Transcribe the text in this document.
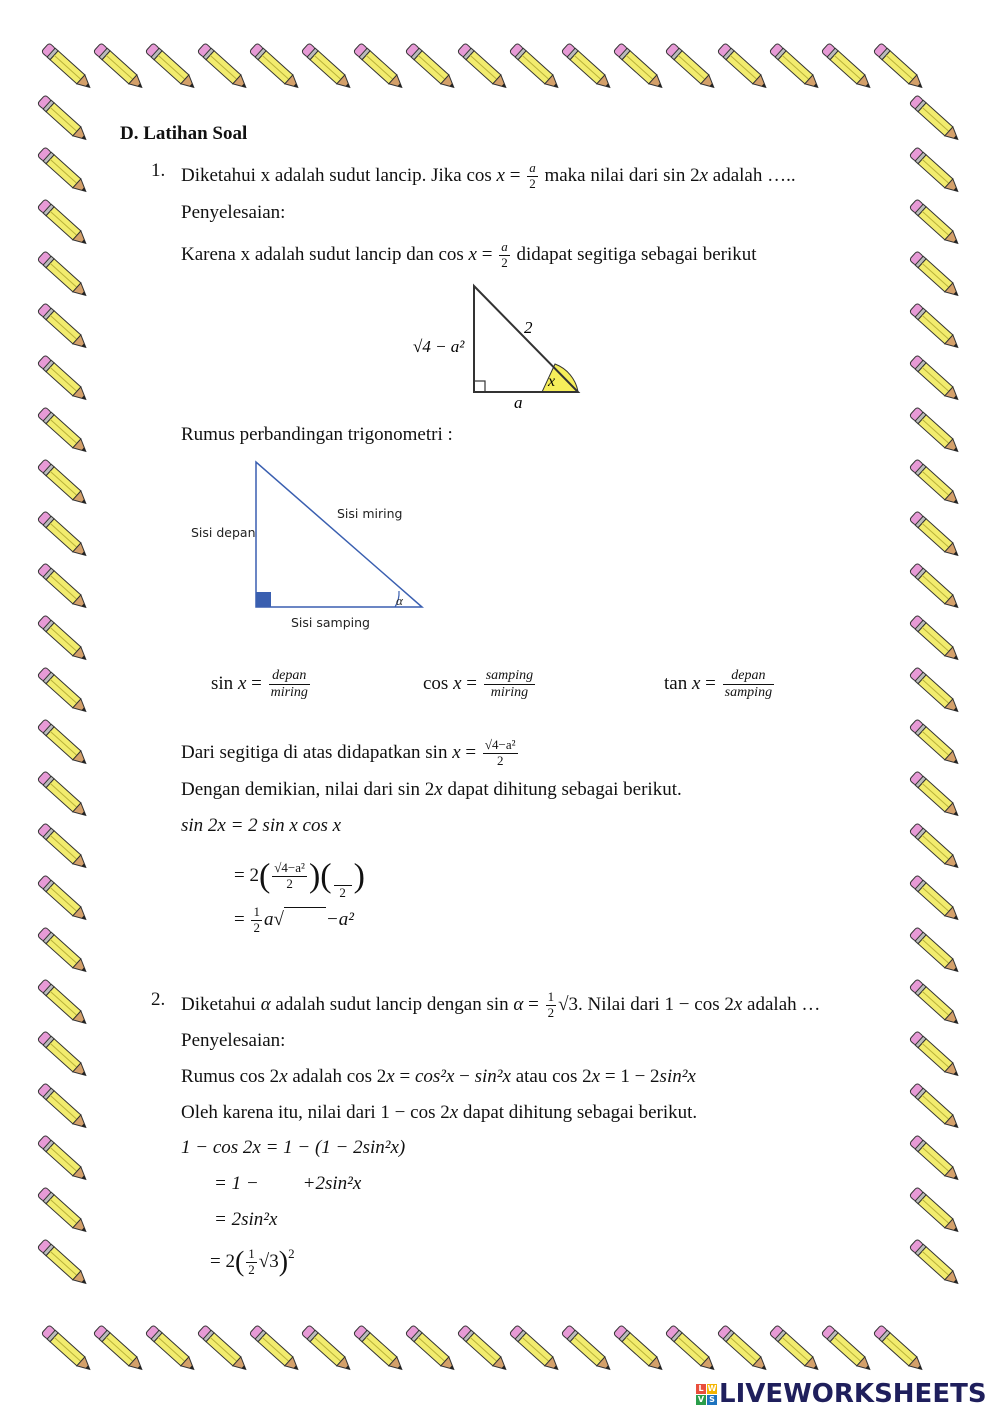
D. Latihan Soal
1. Diketahui x adalah sudut lancip. Jika $\cos x = \frac{a}{2}$ maka nilai dari sin 2x adalah …..
Penyelesaian:
Karena x adalah sudut lancip dan $\cos x = \frac{a}{2}$ didapat segitiga sebagai berikut
√4 − a²
2
a
x
Rumus perbandingan trigonometri :
Sisi depan
Sisi miring
Sisi samping
α
$\sin x = \frac{\text{depan}}{\text{miring}}$	$\cos x = \frac{\text{samping}}{\text{miring}}$	$\tan x = \frac{\text{depan}}{\text{samping}}$
Dari segitiga di atas didapatkan $\sin x = \frac{\text{√4−a²}}{2}$
Dengan demikian, nilai dari sin 2x dapat dihitung sebagai berikut.
sin 2x = 2 sin x cos x
= $2( \frac{\text{√4−a²}}{2}$ )( 2 )
= $\frac{1}{2} a√ -a^2$
2. Diketahui α adalah sudut lancip dengan $\sin \alpha = \frac{1}{2} √3$. Nilai dari 1 − cos 2x adalah …
Penyelesaian:
Rumus cos 2x adalah cos 2x = cos²x − sin²x atau cos 2x = 1 − 2sin²x
Oleh karena itu, nilai dari 1 − cos 2x dapat dihitung sebagai berikut.
1 − cos 2x = 1 − (1 − 2sin²x)
= 1 − +2sin²x
= 2sin²x
= $2( \frac{1}{2} √3)^2$
L W
V S LIVEWORKSHEETS
